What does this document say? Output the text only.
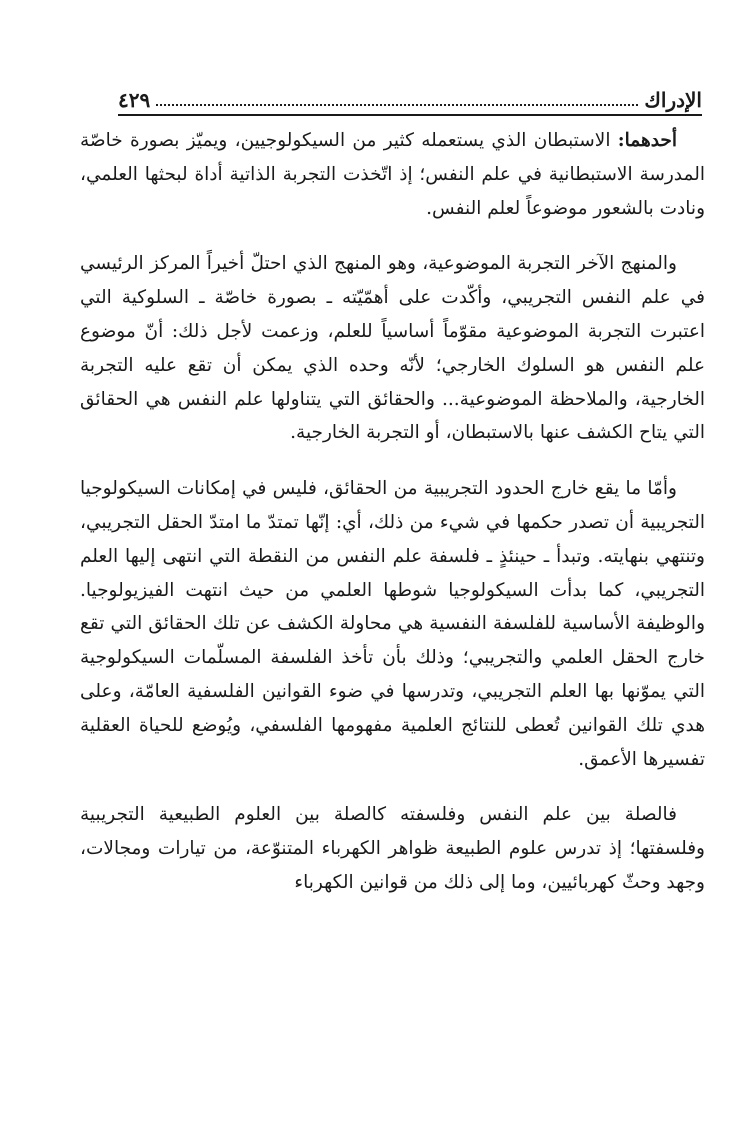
الإدراك
٤٢٩

أحدهما: الاستبطان الذي يستعمله كثير من السيكولوجيين، ويميّز بصورة خاصّة المدرسة الاستبطانية في علم النفس؛ إذ اتّخذت التجربة الذاتية أداة لبحثها العلمي، ونادت بالشعور موضوعاً لعلم النفس.

والمنهج الآخر التجربة الموضوعية، وهو المنهج الذي احتلّ أخيراً المركز الرئيسي في علم النفس التجريبي، وأكّدت على أهمّيّته ـ بصورة خاصّة ـ السلوكية التي اعتبرت التجربة الموضوعية مقوّماً أساسياً للعلم، وزعمت لأجل ذلك: أنّ موضوع علم النفس هو السلوك الخارجي؛ لأنّه وحده الذي يمكن أن تقع عليه التجربة الخارجية، والملاحظة الموضوعية... والحقائق التي يتناولها علم النفس هي الحقائق التي يتاح الكشف عنها بالاستبطان، أو التجربة الخارجية.

وأمّا ما يقع خارج الحدود التجريبية من الحقائق، فليس في إمكانات السيكولوجيا التجريبية أن تصدر حكمها في شيء من ذلك، أي: إنّها تمتدّ ما امتدّ الحقل التجريبي، وتنتهي بنهايته. وتبدأ ـ حينئذٍ ـ فلسفة علم النفس من النقطة التي انتهى إليها العلم التجريبي، كما بدأت السيكولوجيا شوطها العلمي من حيث انتهت الفيزيولوجيا. والوظيفة الأساسية للفلسفة النفسية هي محاولة الكشف عن تلك الحقائق التي تقع خارج الحقل العلمي والتجريبي؛ وذلك بأن تأخذ الفلسفة المسلّمات السيكولوجية التي يموّنها بها العلم التجريبي، وتدرسها في ضوء القوانين الفلسفية العامّة، وعلى هدي تلك القوانين تُعطى للنتائج العلمية مفهومها الفلسفي، ويُوضع للحياة العقلية تفسيرها الأعمق.

فالصلة بين علم النفس وفلسفته كالصلة بين العلوم الطبيعية التجريبية وفلسفتها؛ إذ تدرس علوم الطبيعة ظواهر الكهرباء المتنوّعة، من تيارات ومجالات، وجهد وحثّ كهربائيين، وما إلى ذلك من قوانين الكهرباء
